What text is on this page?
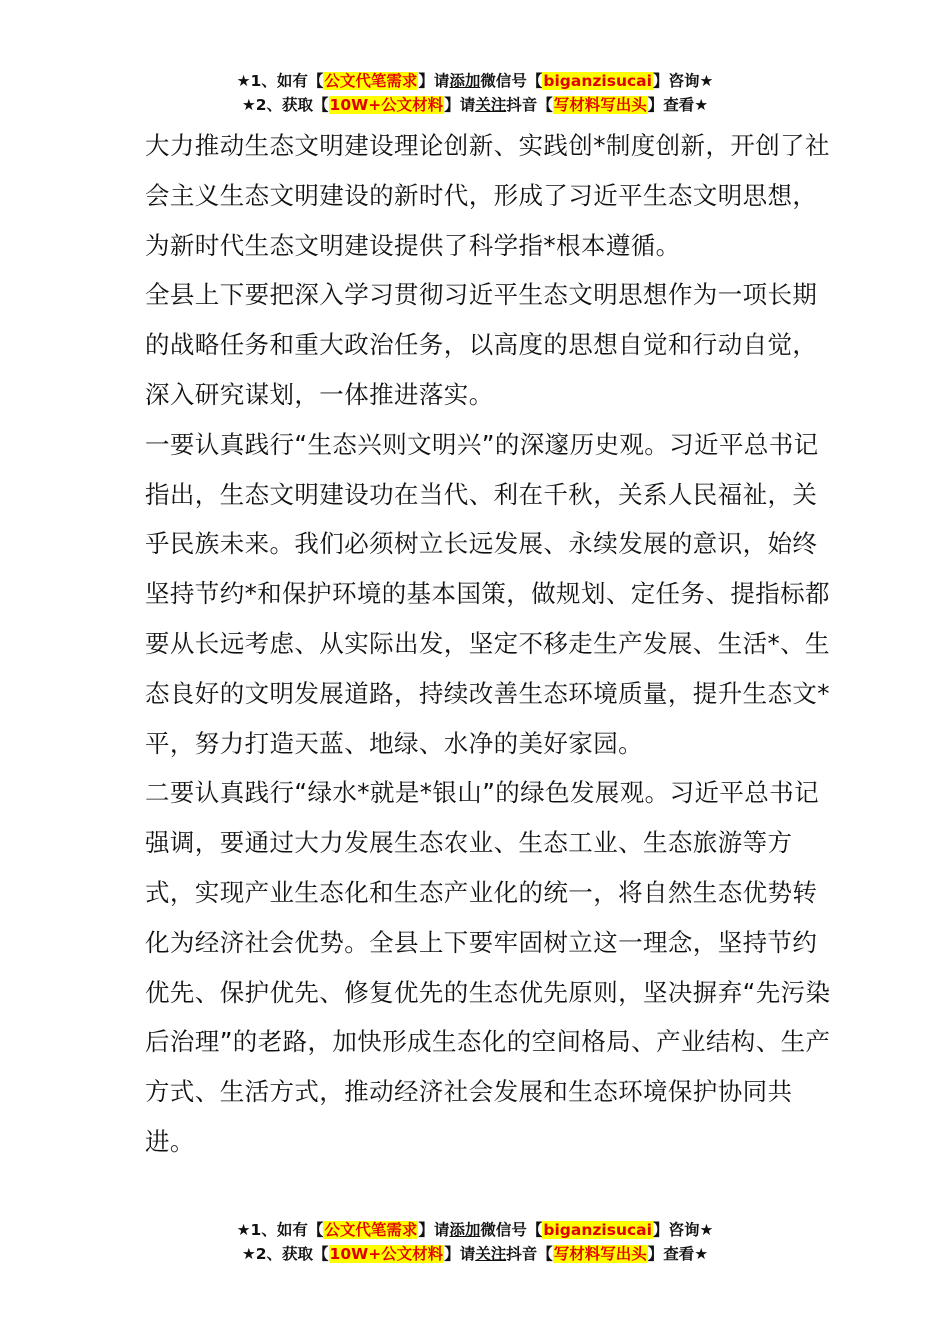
★1、如有【公文代笔需求】请添加微信号【biganzisucai】咨询★
★2、获取【10W+公文材料】请关注抖音【写材料写出头】查看★

大力推动生态文明建设理论创新、实践创*制度创新，开创了社会主义生态文明建设的新时代，形成了习近平生态文明思想，为新时代生态文明建设提供了科学指*根本遵循。

全县上下要把深入学习贯彻习近平生态文明思想作为一项长期的战略任务和重大政治任务，以高度的思想自觉和行动自觉，深入研究谋划，一体推进落实。

一要认真践行“生态兴则文明兴”的深邃历史观。习近平总书记指出，生态文明建设功在当代、利在千秋，关系人民福祉，关乎民族未来。我们必须树立长远发展、永续发展的意识，始终坚持节约*和保护环境的基本国策，做规划、定任务、提指标都要从长远考虑、从实际出发，坚定不移走生产发展、生活*、生态良好的文明发展道路，持续改善生态环境质量，提升生态文*平，努力打造天蓝、地绿、水净的美好家园。

二要认真践行“绿水*就是*银山”的绿色发展观。习近平总书记强调，要通过大力发展生态农业、生态工业、生态旅游等方式，实现产业生态化和生态产业化的统一，将自然生态优势转化为经济社会优势。全县上下要牢固树立这一理念，坚持节约优先、保护优先、修复优先的生态优先原则，坚决摒弃“先污染后治理”的老路，加快形成生态化的空间格局、产业结构、生产方式、生活方式，推动经济社会发展和生态环境保护协同共进。

★1、如有【公文代笔需求】请添加微信号【biganzisucai】咨询★
★2、获取【10W+公文材料】请关注抖音【写材料写出头】查看★
